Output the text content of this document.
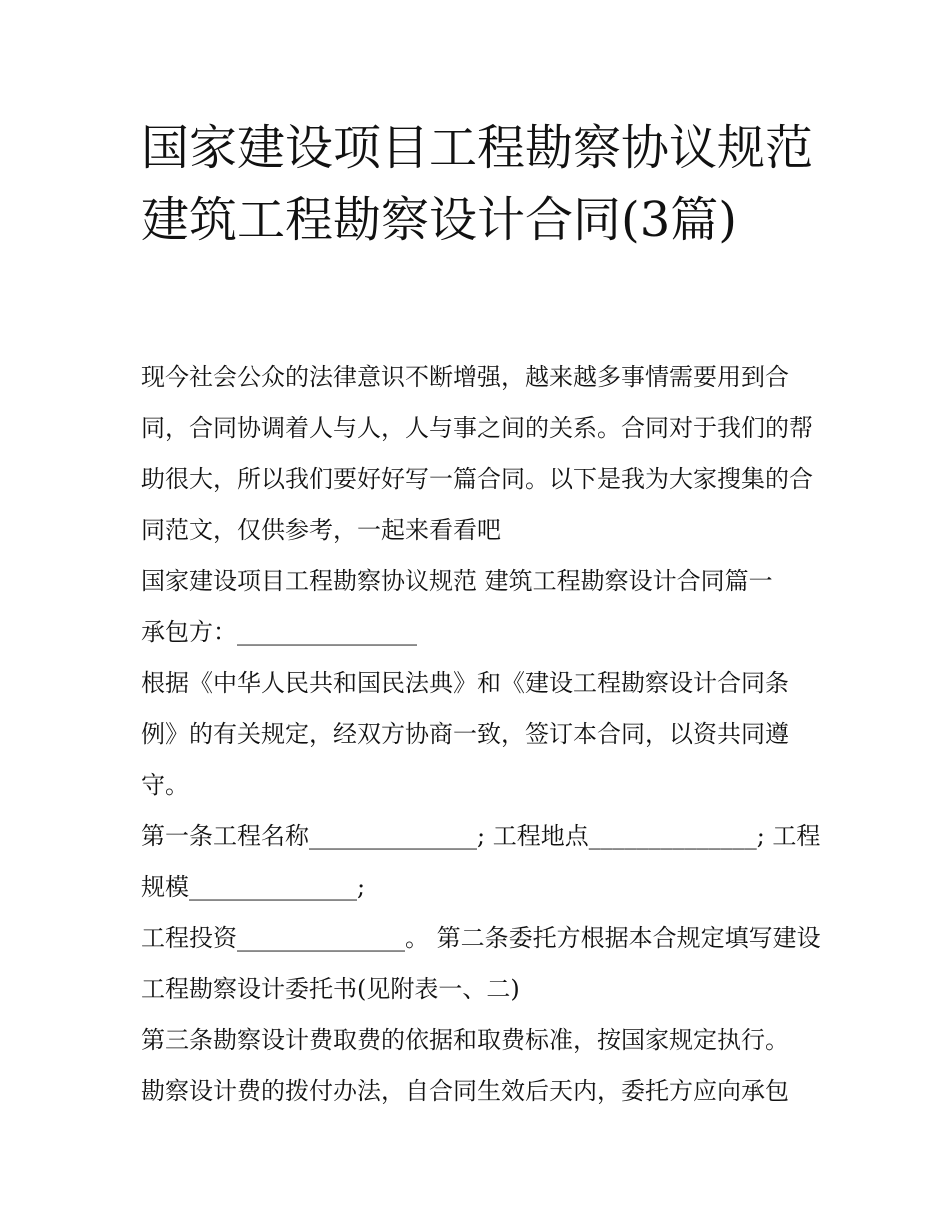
国家建设项目工程勘察协议规范 建筑工程勘察设计合同(3篇)

现今社会公众的法律意识不断增强，越来越多事情需要用到合同，合同协调着人与人，人与事之间的关系。合同对于我们的帮助很大，所以我们要好好写一篇合同。以下是我为大家搜集的合同范文，仅供参考，一起来看看吧

国家建设项目工程勘察协议规范 建筑工程勘察设计合同篇一

承包方：_______________

根据《中华人民共和国民法典》和《建设工程勘察设计合同条例》的有关规定，经双方协商一致，签订本合同，以资共同遵守。

第一条工程名称______________; 工程地点______________; 工程规模______________;

工程投资______________。 第二条委托方根据本合规定填写建设工程勘察设计委托书(见附表一、二)

第三条勘察设计费取费的依据和取费标准，按国家规定执行。

勘察设计费的拨付办法，自合同生效后天内，委托方应向承包
